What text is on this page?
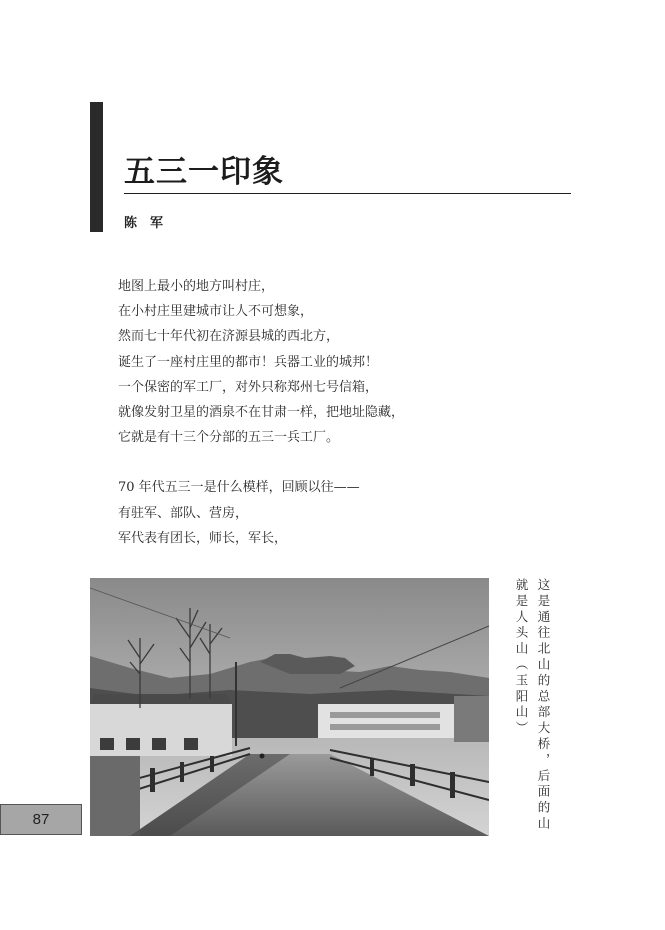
五三一印象
陈　军
地图上最小的地方叫村庄，
在小村庄里建城市让人不可想象，
然而七十年代初在济源县城的西北方，
诞生了一座村庄里的都市！兵器工业的城邦！
一个保密的军工厂，对外只称郑州七号信箱，
就像发射卫星的酒泉不在甘肃一样，把地址隐藏，
它就是有十三个分部的五三一兵工厂。
70 年代五三一是什么模样，回顾以往——
有驻军、部队、营房，
军代表有团长，师长，军长，
这是通往北山的总部大桥，后面的山就是人头山（玉阳山）
87
